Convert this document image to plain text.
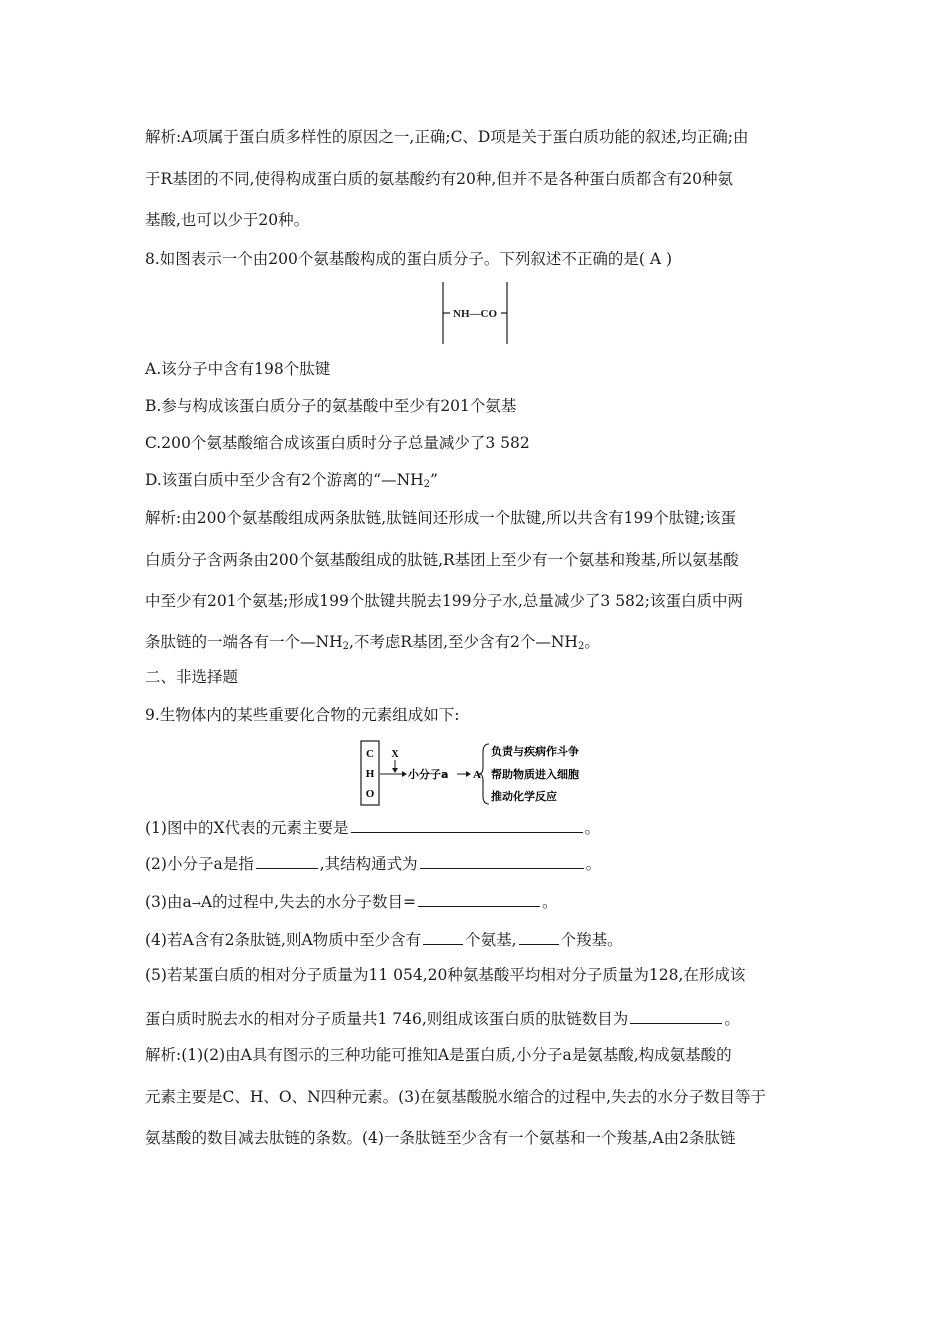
解析:A项属于蛋白质多样性的原因之一,正确;C、D项是关于蛋白质功能的叙述,均正确;由
于R基团的不同,使得构成蛋白质的氨基酸约有20种,但并不是各种蛋白质都含有20种氨
基酸,也可以少于20种。
8.如图表示一个由200个氨基酸构成的蛋白质分子。下列叙述不正确的是( A )
NH—CO
A.该分子中含有198个肽键
B.参与构成该蛋白质分子的氨基酸中至少有201个氨基
C.200个氨基酸缩合成该蛋白质时分子总量减少了3 582
D.该蛋白质中至少含有2个游离的“$—NH_2$”
解析:由200个氨基酸组成两条肽链,肽链间还形成一个肽键,所以共含有199个肽键;该蛋
白质分子含两条由200个氨基酸组成的肽链,R基团上至少有一个氨基和羧基,所以氨基酸
中至少有201个氨基;形成199个肽键共脱去199分子水,总量减少了3 582;该蛋白质中两
条肽链的一端各有一个$—NH_2$,不考虑R基团,至少含有2个$—NH_2$。
二、非选择题
9.生物体内的某些重要化合物的元素组成如下:
C
H
O
X
小分子a A
负责与疾病作斗争
帮助物质进入细胞
推动化学反应
(1)图中的X代表的元素主要是	。
(2)小分子a是指	,其结构通式为	。
(3)由a→A的过程中,失去的水分子数目=	。
(4)若A含有2条肽链,则A物质中至少含有	个氨基,	个羧基。
(5)若某蛋白质的相对分子质量为11 054,20种氨基酸平均相对分子质量为128,在形成该
蛋白质时脱去水的相对分子质量共1 746,则组成该蛋白质的肽链数目为	。
解析:(1)(2)由A具有图示的三种功能可推知A是蛋白质,小分子a是氨基酸,构成氨基酸的
元素主要是C、H、O、N四种元素。(3)在氨基酸脱水缩合的过程中,失去的水分子数目等于
氨基酸的数目减去肽链的条数。(4)一条肽链至少含有一个氨基和一个羧基,A由2条肽链
